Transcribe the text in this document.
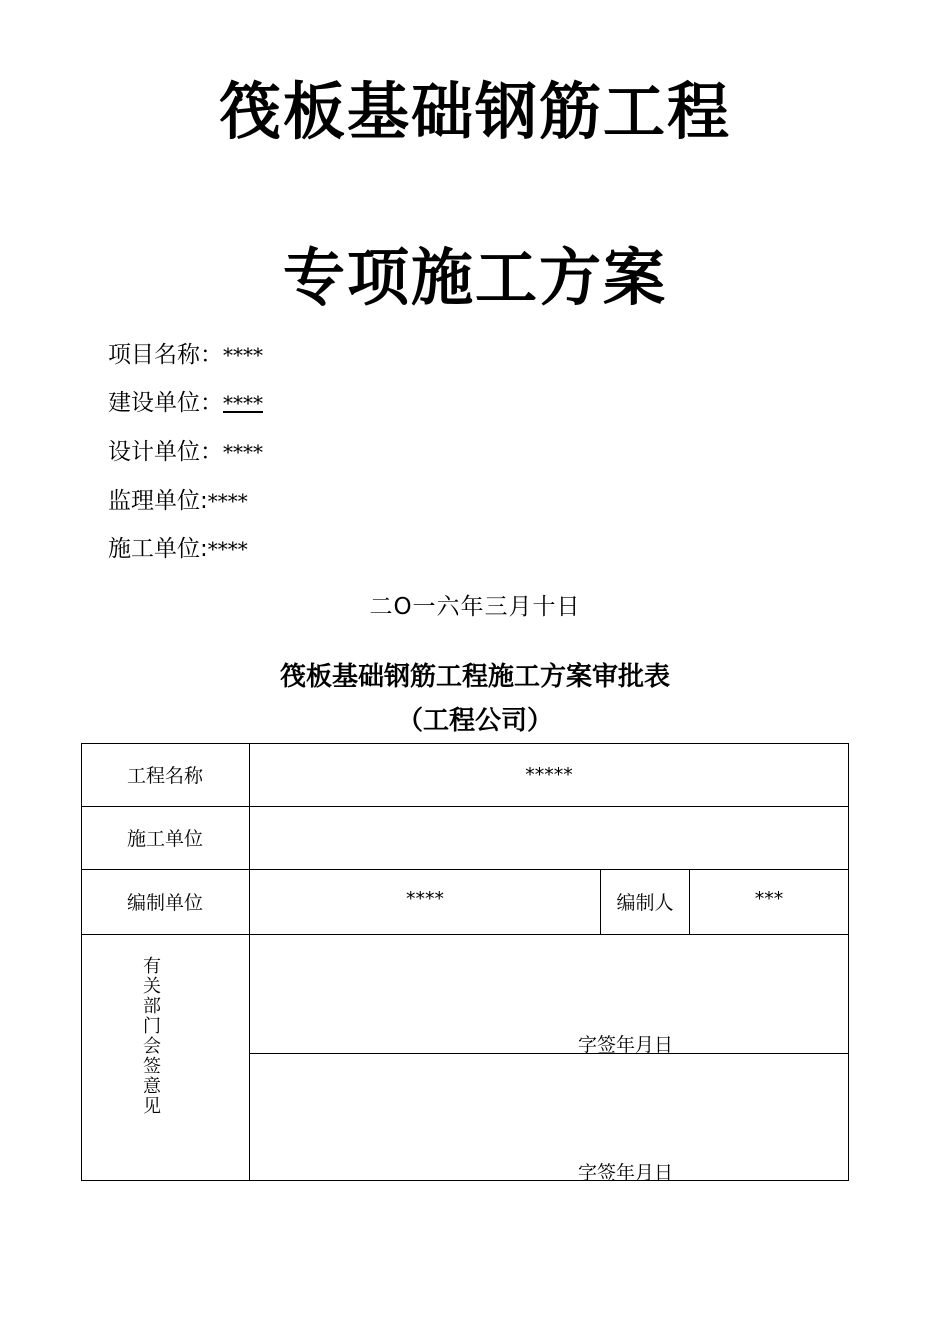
筏板基础钢筋工程
专项施工方案
项目名称：****
建设单位：****
设计单位：****
监理单位:****
施工单位:****
二O一六年三月十日
筏板基础钢筋工程施工方案审批表
（工程公司）
工程名称	*****
施工单位
编制单位	****	编制人	***
有关部门会签意见
字签年月日
字签年月日
